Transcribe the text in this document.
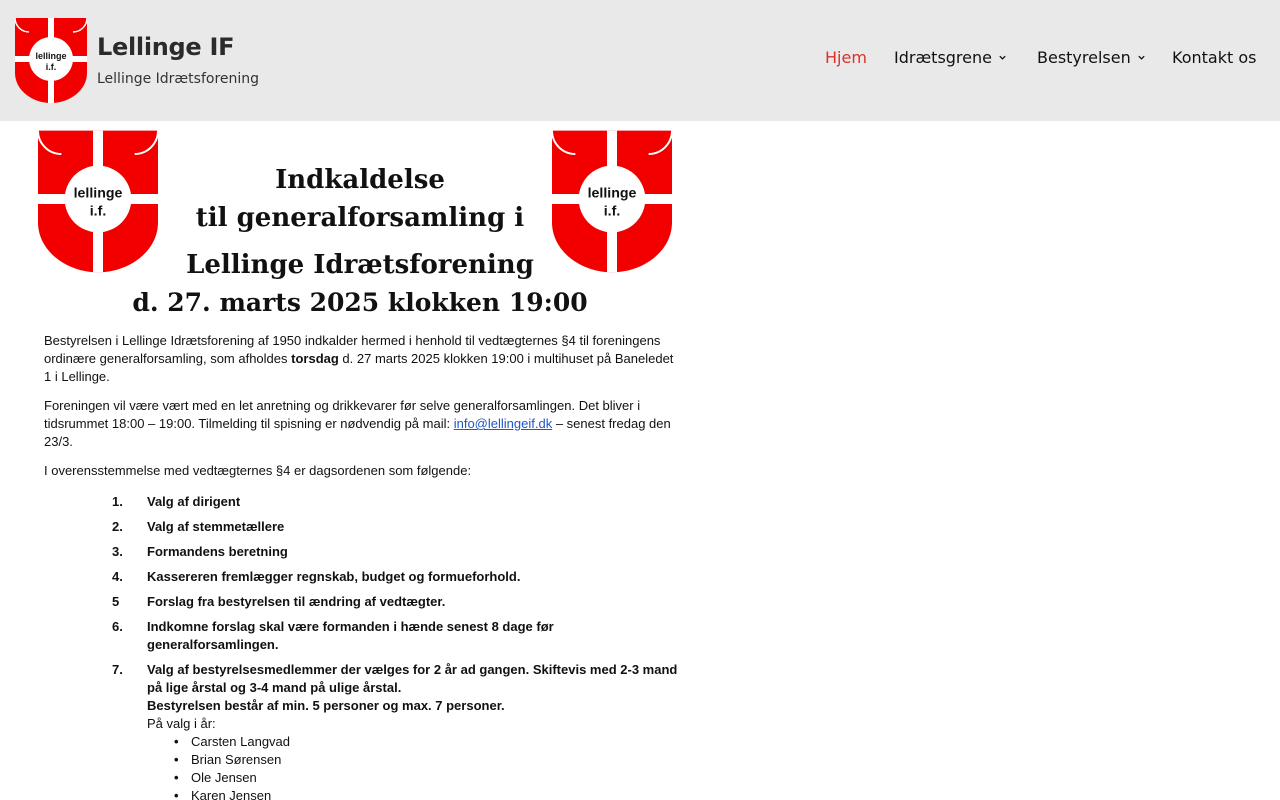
lellinge
i.f.
Lellinge IF
Lellinge Idrætsforening
Hjem Idrætsgrene	Bestyrelsen	Kontakt os
lellinge
i.f.
lellinge
i.f.
Indkaldelse
til generalforsamling i
Lellinge Idrætsforening
d. 27. marts 2025 klokken 19:00

Bestyrelsen i Lellinge Idrætsforening af 1950 indkalder hermed i henhold til vedtægternes §4 til foreningens ordinære generalforsamling, som afholdes torsdag d. 27 marts 2025 klokken 19:00 i multihuset på Baneledet 1 i Lellinge.

Foreningen vil være vært med en let anretning og drikkevarer før selve generalforsamlingen. Det bliver i tidsrummet 18:00 – 19:00. Tilmelding til spisning er nødvendig på mail: info@lellingeif.dk – senest fredag den 23/3.

I overensstemmelse med vedtægternes §4 er dagsordenen som følgende:

1. Valg af dirigent
2. Valg af stemmetællere
3. Formandens beretning
4. Kassereren fremlægger regnskab, budget og formueforhold.
5 Forslag fra bestyrelsen til ændring af vedtægter.
6. Indkomne forslag skal være formanden i hænde senest 8 dage før generalforsamlingen.
7. Valg af bestyrelsesmedlemmer der vælges for 2 år ad gangen. Skiftevis med 2-3 mand på lige årstal og 3-4 mand på ulige årstal.
Bestyrelsen består af min. 5 personer og max. 7 personer.
På valg i år:
Carsten Langvad
Brian Sørensen
Ole Jensen
Karen Jensen
